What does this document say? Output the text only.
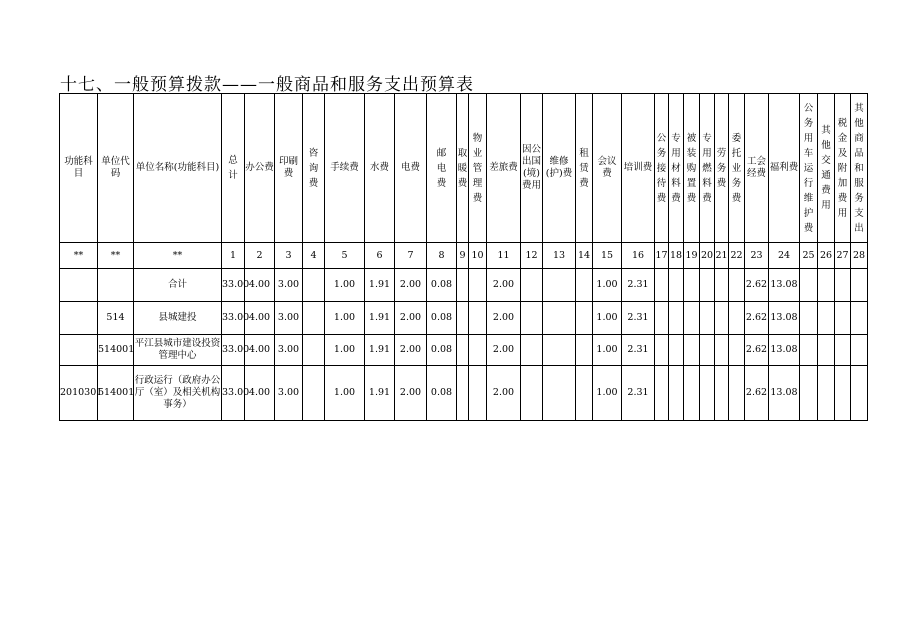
十七、一般预算拨款——一般商品和服务支出预算表
功能科目	单位代码	单位名称(功能科目)	总计	办公费	印刷费	咨询费	手续费	水费	电费	邮电费	取暖费	物业管理费	差旅费	因公出国(境)费用	维修(护)费	租赁费	会议费	培训费	公务接待费	专用材料费	被装购置费	专用燃料费	劳务费	委托业务费	工会经费	福利费	公务用车运行维护费	其他交通费用	税金及附加费用	其他商品和服务支出
**	**	**	1	2	3	4	5	6	7	8	9	10	11	12	13	14	15	16	17	18	19	20	21	22	23	24	25	26	27	28
		合计	33.00	4.00	3.00		1.00	1.91	2.00	0.08			2.00				1.00	2.31							2.62	13.08				
	514	县城建投	33.00	4.00	3.00		1.00	1.91	2.00	0.08			2.00				1.00	2.31							2.62	13.08				
	514001	平江县城市建设投资管理中心	33.00	4.00	3.00		1.00	1.91	2.00	0.08			2.00				1.00	2.31							2.62	13.08				
2010301	514001	行政运行（政府办公厅（室）及相关机构事务）	33.00	4.00	3.00		1.00	1.91	2.00	0.08			2.00				1.00	2.31							2.62	13.08				
